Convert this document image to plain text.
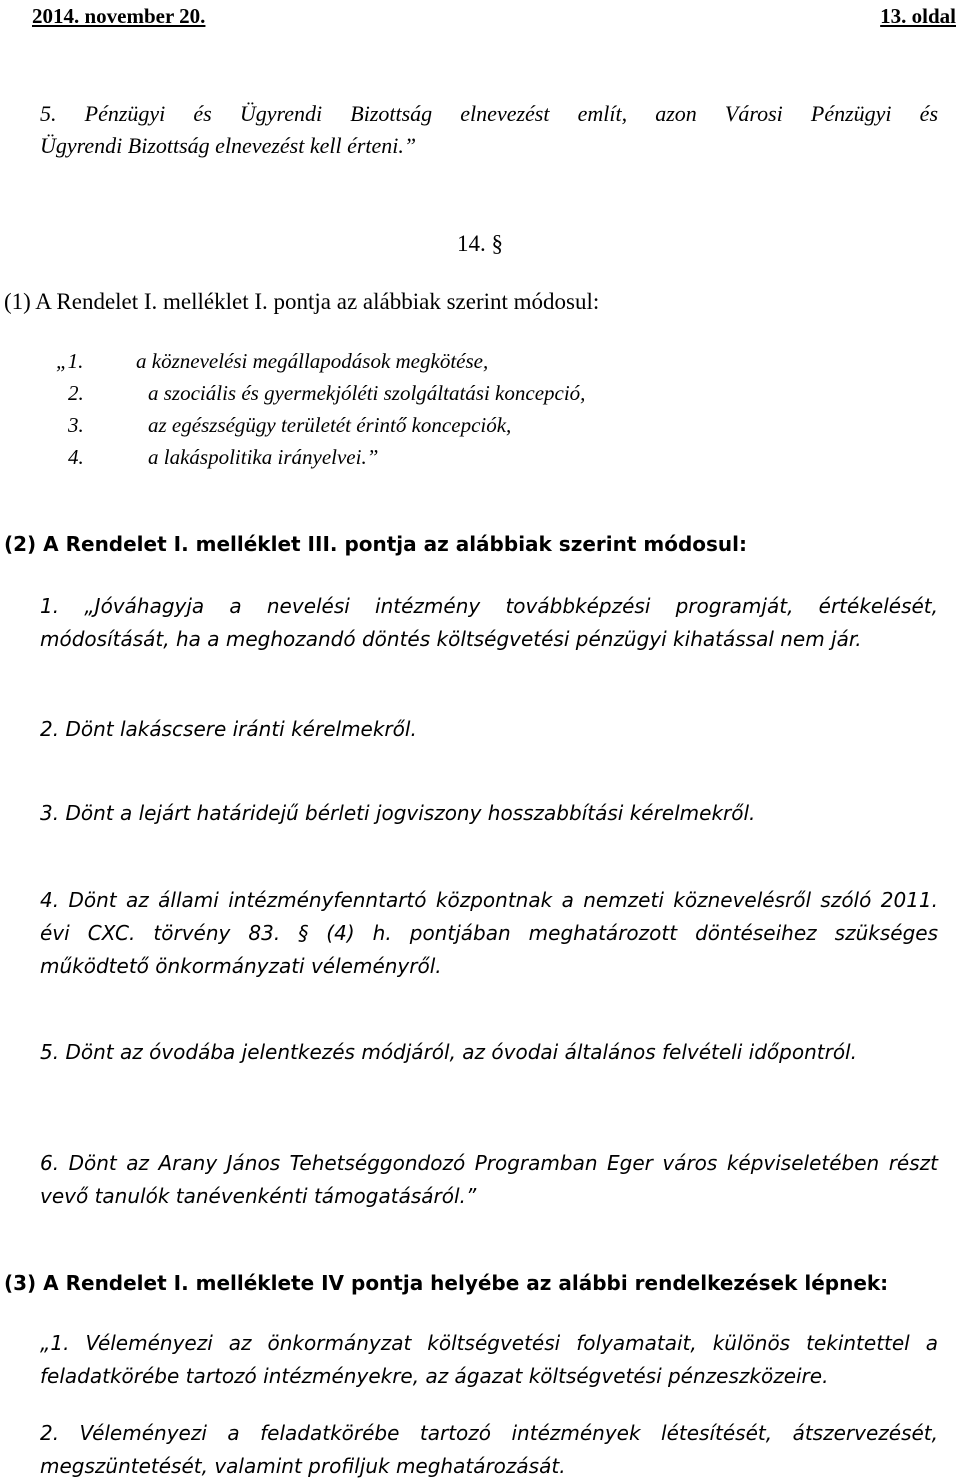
2014. november 20.	13. oldal
5. Pénzügyi és Ügyrendi Bizottság elnevezést említ, azon Városi Pénzügyi és
Ügyrendi Bizottság elnevezést kell érteni.”
14. §
(1) A Rendelet I. melléklet I. pontja az alábbiak szerint módosul:
„1.	a köznevelési megállapodások megkötése,
2.	a szociális és gyermekjóléti szolgáltatási koncepció,
3.	az egészségügy területét érintő koncepciók,
4.	a lakáspolitika irányelvei.”
(2) A Rendelet I. melléklet III. pontja az alábbiak szerint módosul:
1. „Jóváhagyja a nevelési intézmény továbbképzési programját, értékelését,
módosítását, ha a meghozandó döntés költségvetési pénzügyi kihatással nem jár.
2. Dönt lakáscsere iránti kérelmekről.
3. Dönt a lejárt határidejű bérleti jogviszony hosszabbítási kérelmekről.
4. Dönt az állami intézményfenntartó központnak a nemzeti köznevelésről szóló 2011.
évi CXC. törvény 83. § (4) h. pontjában meghatározott döntéseihez szükséges
működtető önkormányzati véleményről.
5. Dönt az óvodába jelentkezés módjáról, az óvodai általános felvételi időpontról.
6. Dönt az Arany János Tehetséggondozó Programban Eger város képviseletében részt
vevő tanulók tanévenkénti támogatásáról.”
(3) A Rendelet I. melléklete IV pontja helyébe az alábbi rendelkezések lépnek:
„1. Véleményezi az önkormányzat költségvetési folyamatait, különös tekintettel a
feladatkörébe tartozó intézményekre, az ágazat költségvetési pénzeszközeire.
2. Véleményezi a feladatkörébe tartozó intézmények létesítését, átszervezését,
megszüntetését, valamint profilјuk meghatározását.
